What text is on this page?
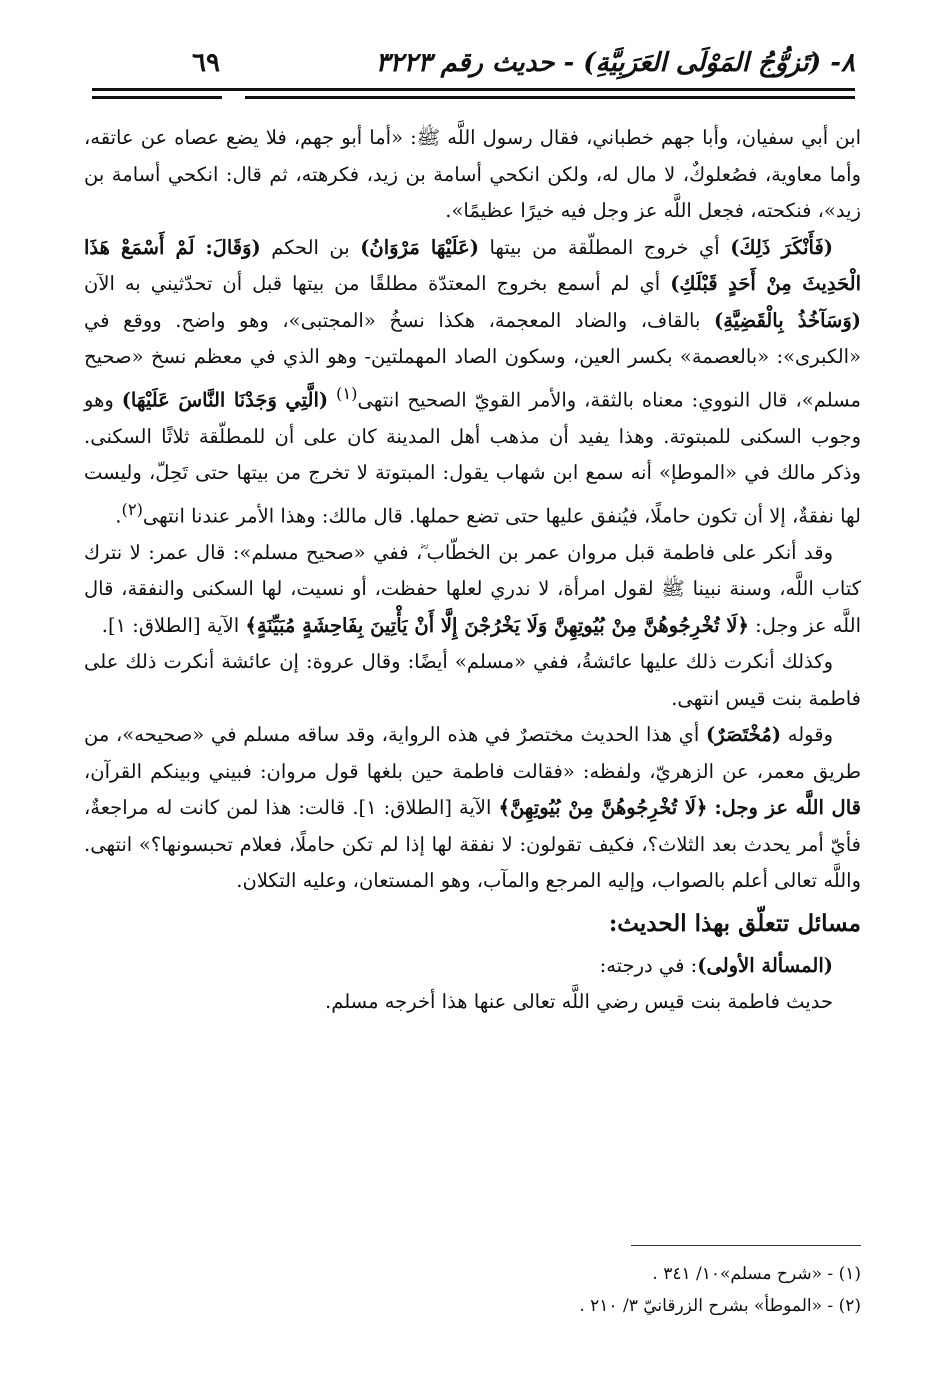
٦٩	٨- (تَزوُّجُ المَوْلَى العَرَبِيَّةِ) - حديث رقم ٣٢٢٣

ابن أبي سفيان، وأبا جهم خطباني، فقال رسول اللَّه ﷺ: «أما أبو جهم، فلا يضع عصاه عن عاتقه، وأما معاوية، فصُعلوكٌ، لا مال له، ولكن انكحي أسامة بن زيد، فكرهته، ثم قال: انكحي أسامة بن زيد»، فنكحته، فجعل اللَّه عز وجل فيه خيرًا عظيمًا».

(فَأَنْكَرَ ذَلِكَ) أي خروج المطلّقة من بيتها (عَلَيْهَا مَرْوَانُ) بن الحكم (وَقَالَ: لَمْ أَسْمَعْ هَذَا الْحَدِيثَ مِنْ أَحَدٍ قَبْلَكِ) أي لم أسمع بخروج المعتدّة مطلقًا من بيتها قبل أن تحدّثيني به الآن (وَسَآخُذُ بِالْقَضِيَّةِ) بالقاف، والضاد المعجمة، هكذا نسخُ «المجتبى»، وهو واضح. ووقع في «الكبرى»: «بالعصمة» بكسر العين، وسكون الصاد المهملتين- وهو الذي في معظم نسخ «صحيح مسلم»، قال النووي: معناه بالثقة، والأمر القويّ الصحيح انتهى$^{(١)}$ (الَّتِي وَجَدْنَا النَّاسَ عَلَيْهَا) وهو وجوب السكنى للمبتوتة. وهذا يفيد أن مذهب أهل المدينة كان على أن للمطلّقة ثلاثًا السكنى. وذكر مالك في «الموطإ» أنه سمع ابن شهاب يقول: المبتوتة لا تخرج من بيتها حتى تَحِلّ، وليست لها نفقةٌ، إلا أن تكون حاملًا، فيُنفق عليها حتى تضع حملها. قال مالك: وهذا الأمر عندنا انتهى$^{(٢)}$.

وقد أنكر على فاطمة قبل مروان عمر بن الخطّاب ؓ، ففي «صحيح مسلم»: قال عمر: لا نترك كتاب اللَّه، وسنة نبينا ﷺ لقول امرأة، لا ندري لعلها حفظت، أو نسيت، لها السكنى والنفقة، قال اللَّه عز وجل: ﴿لَا تُخْرِجُوهُنَّ مِنْ بُيُوتِهِنَّ وَلَا يَخْرُجْنَ إِلَّا أَنْ يَأْتِينَ بِفَاحِشَةٍ مُبَيِّنَةٍ﴾ الآية [الطلاق: ١].

وكذلك أنكرت ذلك عليها عائشةُ، ففي «مسلم» أيضًا: وقال عروة: إن عائشة أنكرت ذلك على فاطمة بنت قيس انتهى.

وقوله (مُخْتَصَرٌ) أي هذا الحديث مختصرٌ في هذه الرواية، وقد ساقه مسلم في «صحيحه»، من طريق معمر، عن الزهريّ، ولفظه: «فقالت فاطمة حين بلغها قول مروان: فبيني وبينكم القرآن، قال اللَّه عز وجل: ﴿لَا تُخْرِجُوهُنَّ مِنْ بُيُوتِهِنَّ﴾ الآية [الطلاق: ١]. قالت: هذا لمن كانت له مراجعةٌ، فأيّ أمر يحدث بعد الثلاث؟، فكيف تقولون: لا نفقة لها إذا لم تكن حاملًا، فعلام تحبسونها؟» انتهى. واللَّه تعالى أعلم بالصواب، وإليه المرجع والمآب، وهو المستعان، وعليه التكلان.

مسائل تتعلّق بهذا الحديث:

(المسألة الأولى): في درجته:

حديث فاطمة بنت قيس رضي اللَّه تعالى عنها هذا أخرجه مسلم.

(١) - «شرح مسلم»١٠/ ٣٤١ .

(٢) - «الموطأ» بشرح الزرقانيّ ٣/ ٢١٠ .
